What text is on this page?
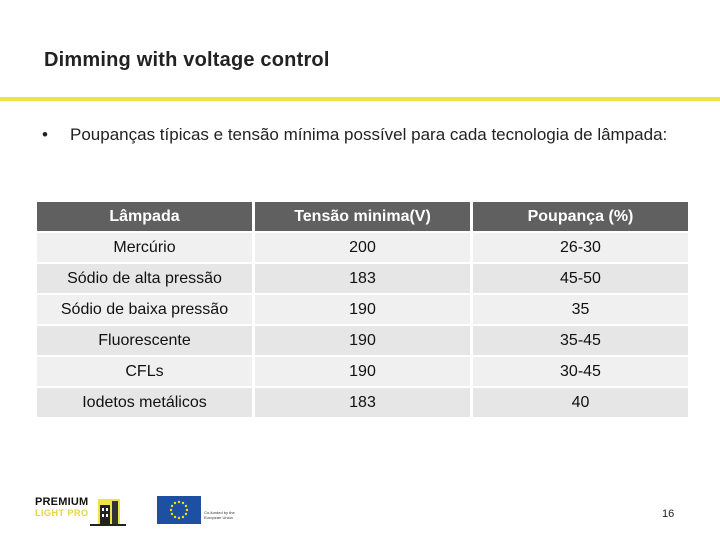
Dimming with voltage control
•	Poupanças típicas e tensão mínima possível para cada tecnologia de lâmpada:
Lâmpada	Tensão minima(V)	Poupança (%)
Mercúrio	200	26-30
Sódio de alta pressão	183	45-50
Sódio de baixa pressão	190	35
Fluorescente	190	35-45
CFLs	190	30-45
Iodetos metálicos	183	40
PREMIUM
LIGHT PRO	Co-funded by the European Union	16
